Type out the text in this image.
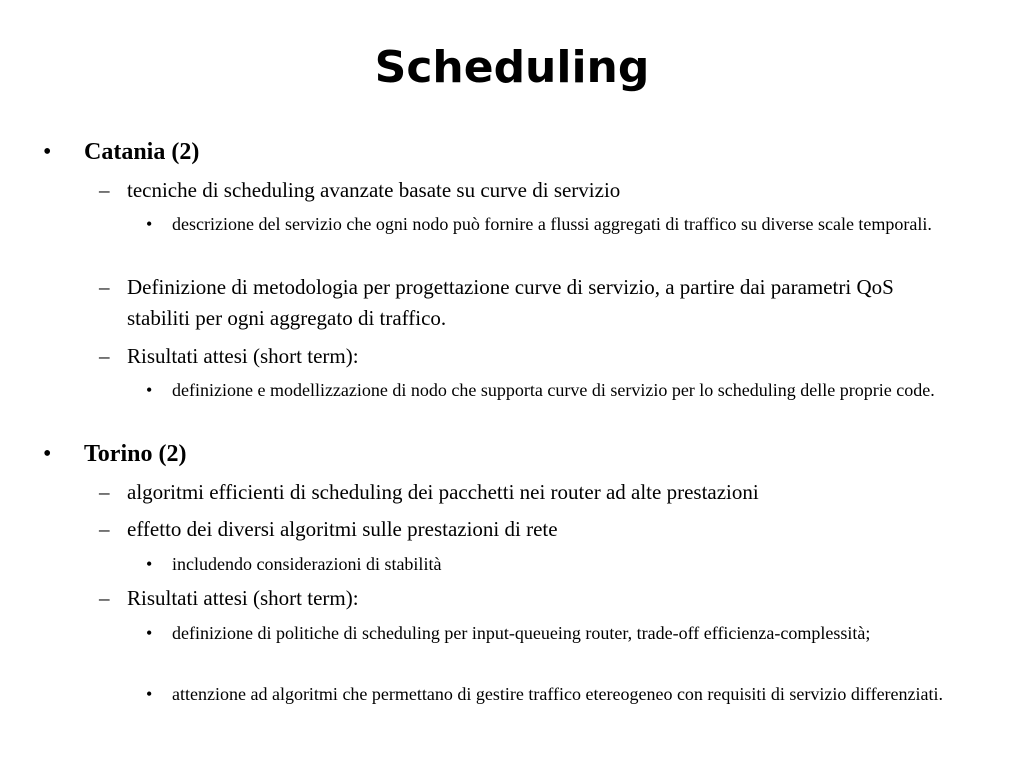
Scheduling
• Catania (2)
– tecniche di scheduling avanzate basate su curve di servizio
• descrizione del servizio che ogni nodo può fornire a flussi aggregati di traffico su diverse scale temporali.
– Definizione di metodologia per progettazione curve di servizio, a partire dai parametri QoS stabiliti per ogni aggregato di traffico.
– Risultati attesi (short term):
• definizione e modellizzazione di nodo che supporta curve di servizio per lo scheduling delle proprie code.
• Torino (2)
– algoritmi efficienti di scheduling dei pacchetti nei router ad alte prestazioni
– effetto dei diversi algoritmi sulle prestazioni di rete
• includendo considerazioni di stabilità
– Risultati attesi (short term):
• definizione di politiche di scheduling per input-queueing router, trade-off efficienza-complessità;
• attenzione ad algoritmi che permettano di gestire traffico etereogeneo con requisiti di servizio differenziati.
